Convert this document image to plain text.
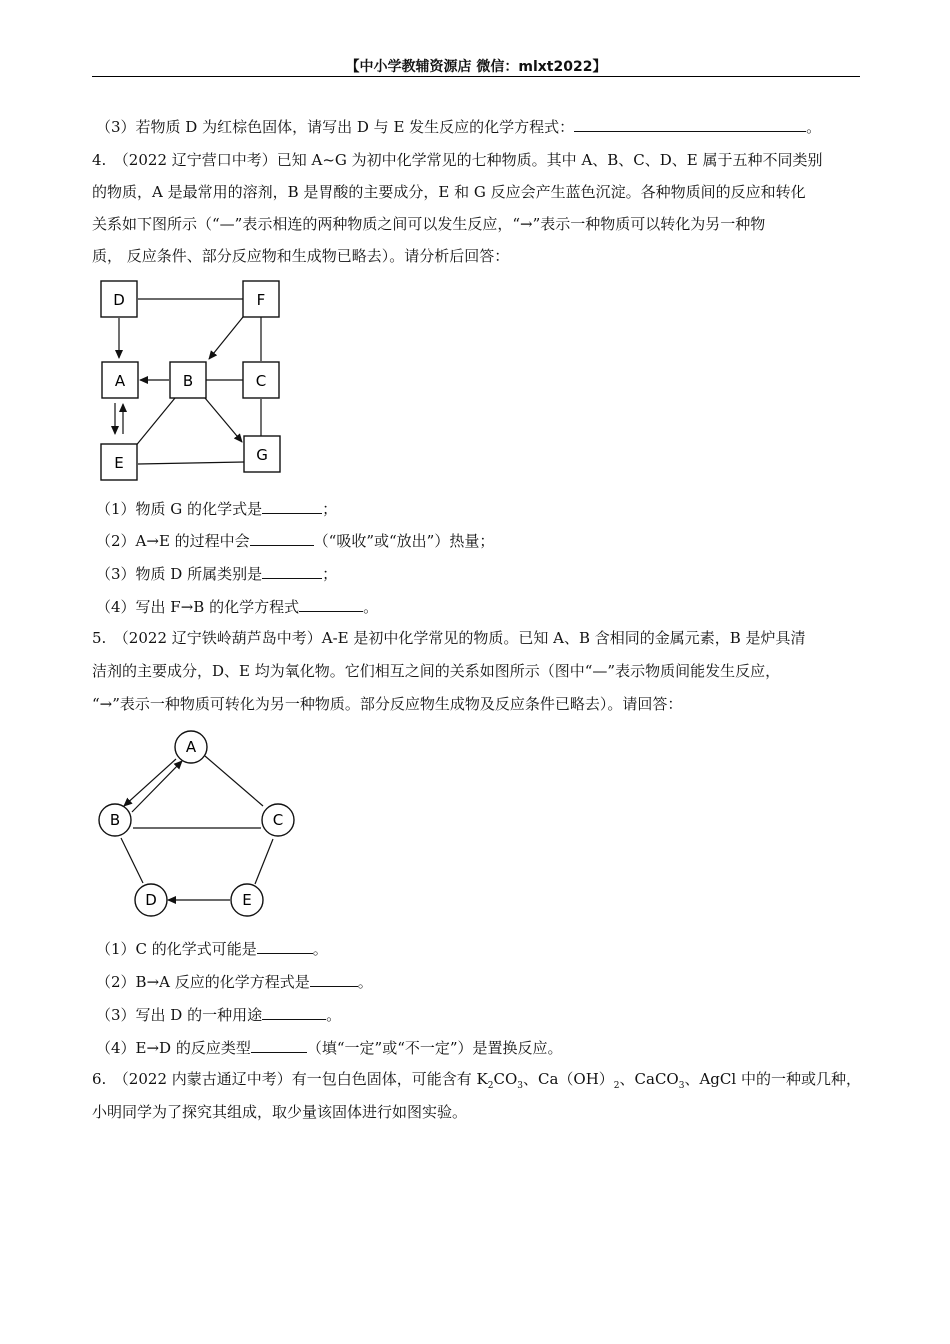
【中小学教辅资源店 微信：mlxt2022】
（3）若物质 D 为红棕色固体，请写出 D 与 E 发生反应的化学方程式：	。
4.　（2022 辽宁营口中考）已知 A~G 为初中化学常见的七种物质。其中 A、B、C、D、E 属于五种不同类别
的物质，A 是最常用的溶剂，B 是胃酸的主要成分，E 和 G 反应会产生蓝色沉淀。各种物质间的反应和转化
关系如下图所示（“—”表示相连的两种物质之间可以发生反应，“→”表示一种物质可以转化为另一种物
质， 反应条件、部分反应物和生成物已略去）。请分析后回答：
D	F
A	B	C
E	G
（1）物质 G 的化学式是	；
（2）A→E 的过程中会	（“吸收”或“放出”）热量；
（3）物质 D 所属类别是	；
（4）写出 F→B 的化学方程式	。
5.　（2022 辽宁铁岭葫芦岛中考）A-E 是初中化学常见的物质。已知 A、B 含相同的金属元素，B 是炉具清
洁剂的主要成分，D、E 均为氧化物。它们相互之间的关系如图所示（图中“—”表示物质间能发生反应，
“→”表示一种物质可转化为另一种物质。部分反应物生成物及反应条件已略去）。请回答：
A
B	C
D	E
（1）C 的化学式可能是	。
（2）B→A 反应的化学方程式是	。
（3）写出 D 的一种用途	。
（4）E→D 的反应类型	（填“一定”或“不一定”）是置换反应。
6.　（2022 内蒙古通辽中考）有一包白色固体，可能含有 $K_2CO_3$、$Ca(OH)_2$、CaCO$_3$、AgCl 中的一种或几种，
小明同学为了探究其组成，取少量该固体进行如图实验。
